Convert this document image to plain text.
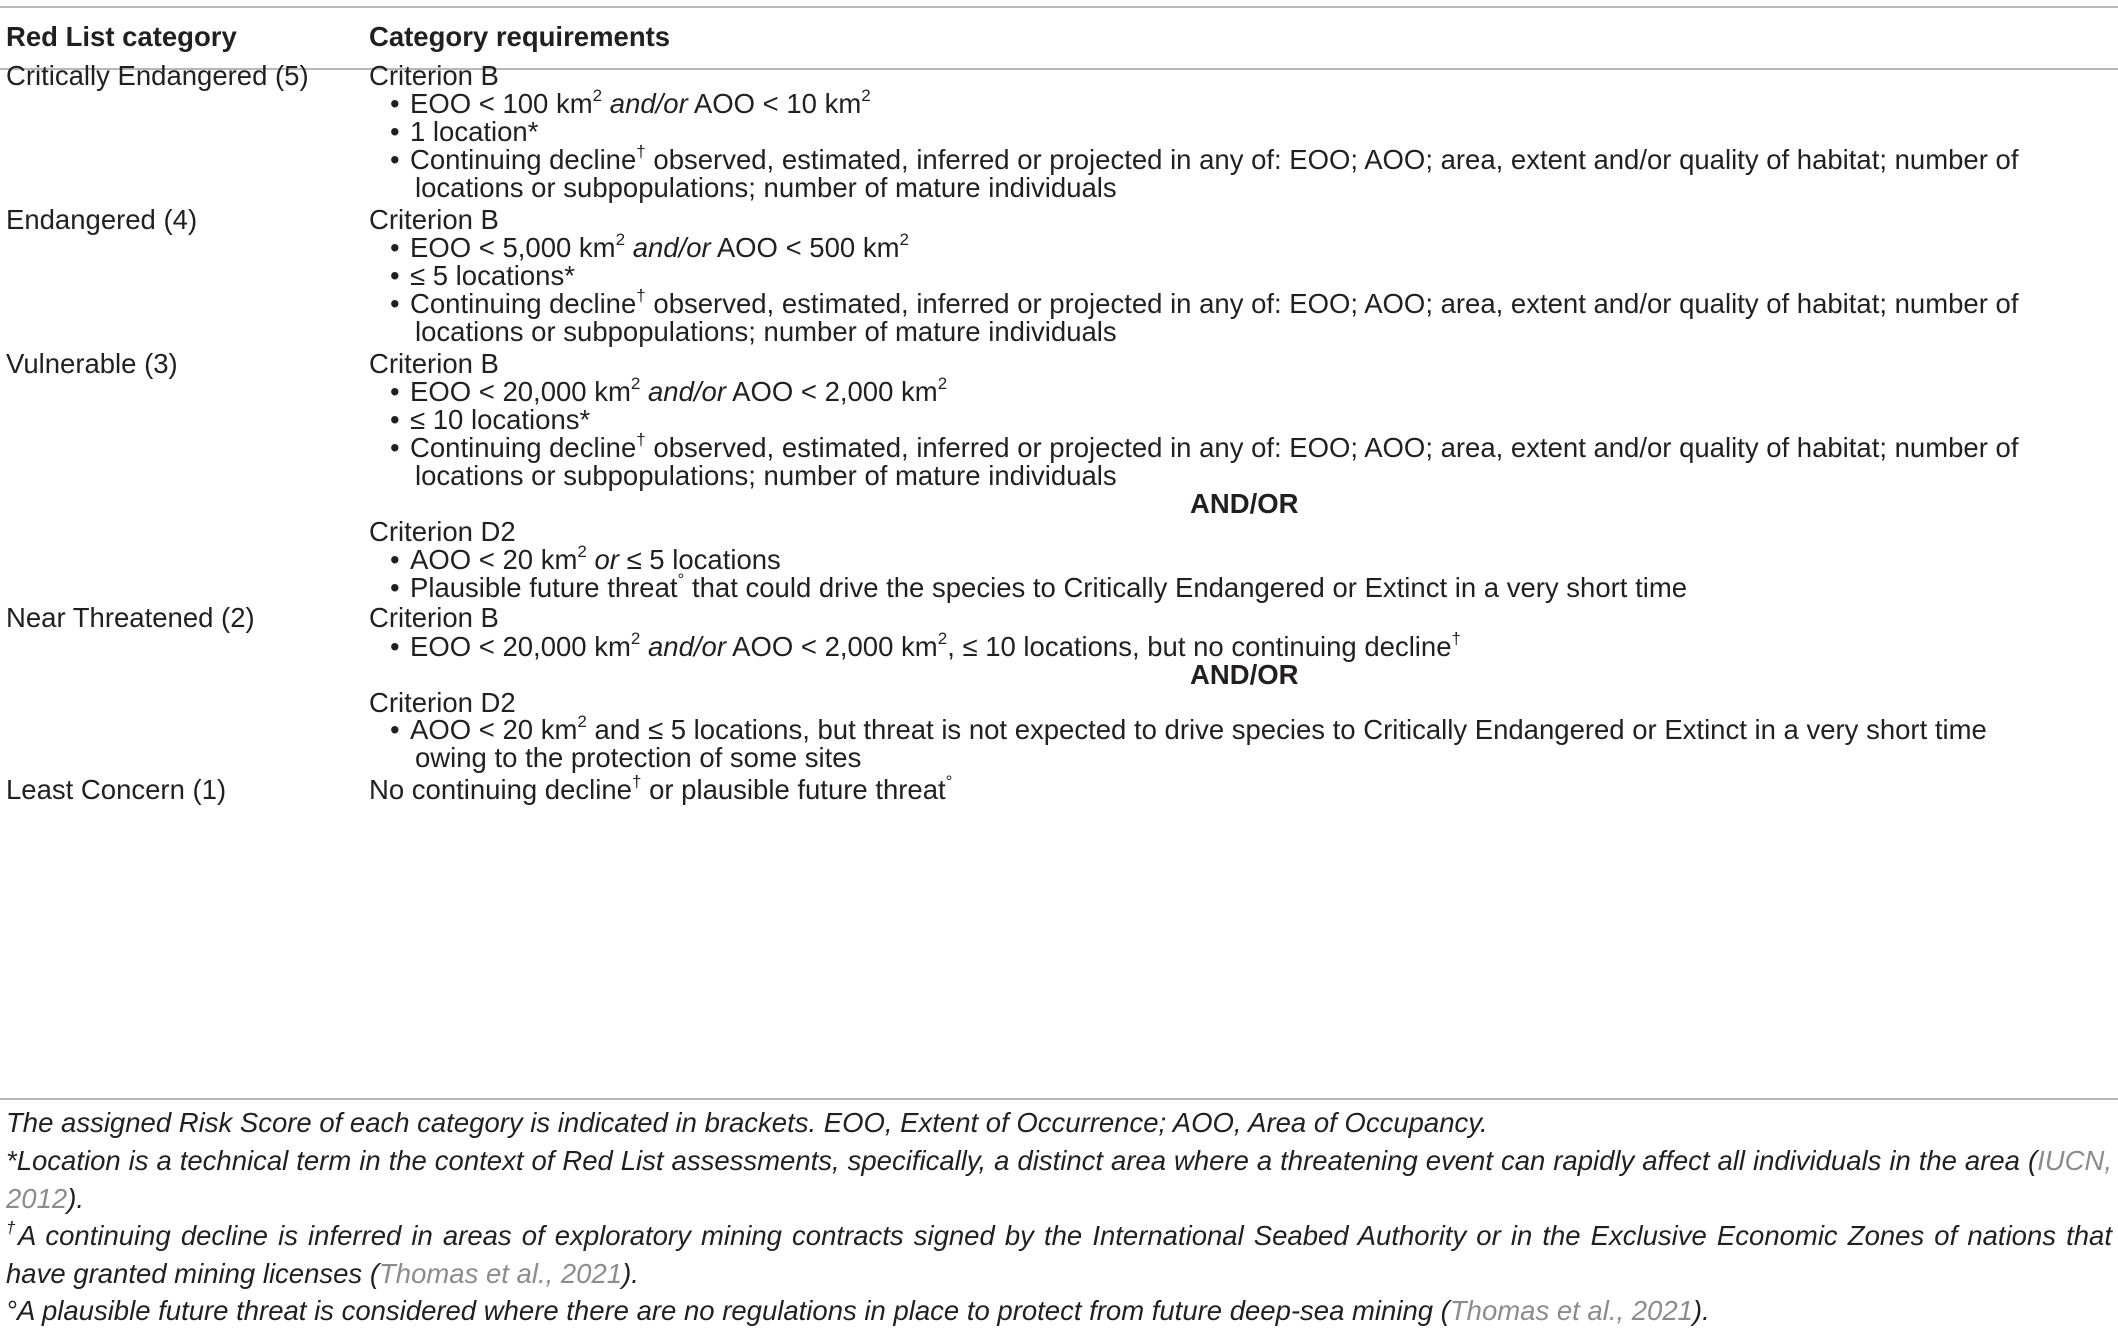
Red List category	Category requirements
Critically Endangered (5) Criterion B
• EOO < 100 $km^2$ and/or AOO < 10 $km^2$
• 1 location*
• Continuing decline† observed, estimated, inferred or projected in any of: EOO; AOO; area, extent and/or quality of habitat; number of
locations or subpopulations; number of mature individuals
Endangered (4)	Criterion B
• EOO < 5,000 $km^2$ and/or AOO < 500 $km^2$
• ≤ 5 locations*
• Continuing decline† observed, estimated, inferred or projected in any of: EOO; AOO; area, extent and/or quality of habitat; number of
locations or subpopulations; number of mature individuals
Vulnerable (3)	Criterion B
• EOO < 20,000 $km^2$ and/or AOO < 2,000 $km^2$
• ≤ 10 locations*
• Continuing decline† observed, estimated, inferred or projected in any of: EOO; AOO; area, extent and/or quality of habitat; number of
locations or subpopulations; number of mature individuals
AND/OR
Criterion D2
• AOO < 20 $km^2$ or ≤ 5 locations
• Plausible future threat° that could drive the species to Critically Endangered or Extinct in a very short time
Near Threatened (2)	Criterion B
• EOO < 20,000 $km^2$ and/or AOO < 2,000 $km^2$, ≤ 10 locations, but no continuing decline†
AND/OR
Criterion D2
• AOO < 20 $km^2$ and ≤ 5 locations, but threat is not expected to drive species to Critically Endangered or Extinct in a very short time
owing to the protection of some sites
Least Concern (1)	No continuing decline† or plausible future threat°
The assigned Risk Score of each category is indicated in brackets. EOO, Extent of Occurrence; AOO, Area of Occupancy.
*Location is a technical term in the context of Red List assessments, specifically, a distinct area where a threatening event can rapidly affect all individuals in the area (IUCN, 2012).
†A continuing decline is inferred in areas of exploratory mining contracts signed by the International Seabed Authority or in the Exclusive Economic Zones of nations that have granted mining licenses (Thomas et al., 2021).
°A plausible future threat is considered where there are no regulations in place to protect from future deep-sea mining (Thomas et al., 2021).
